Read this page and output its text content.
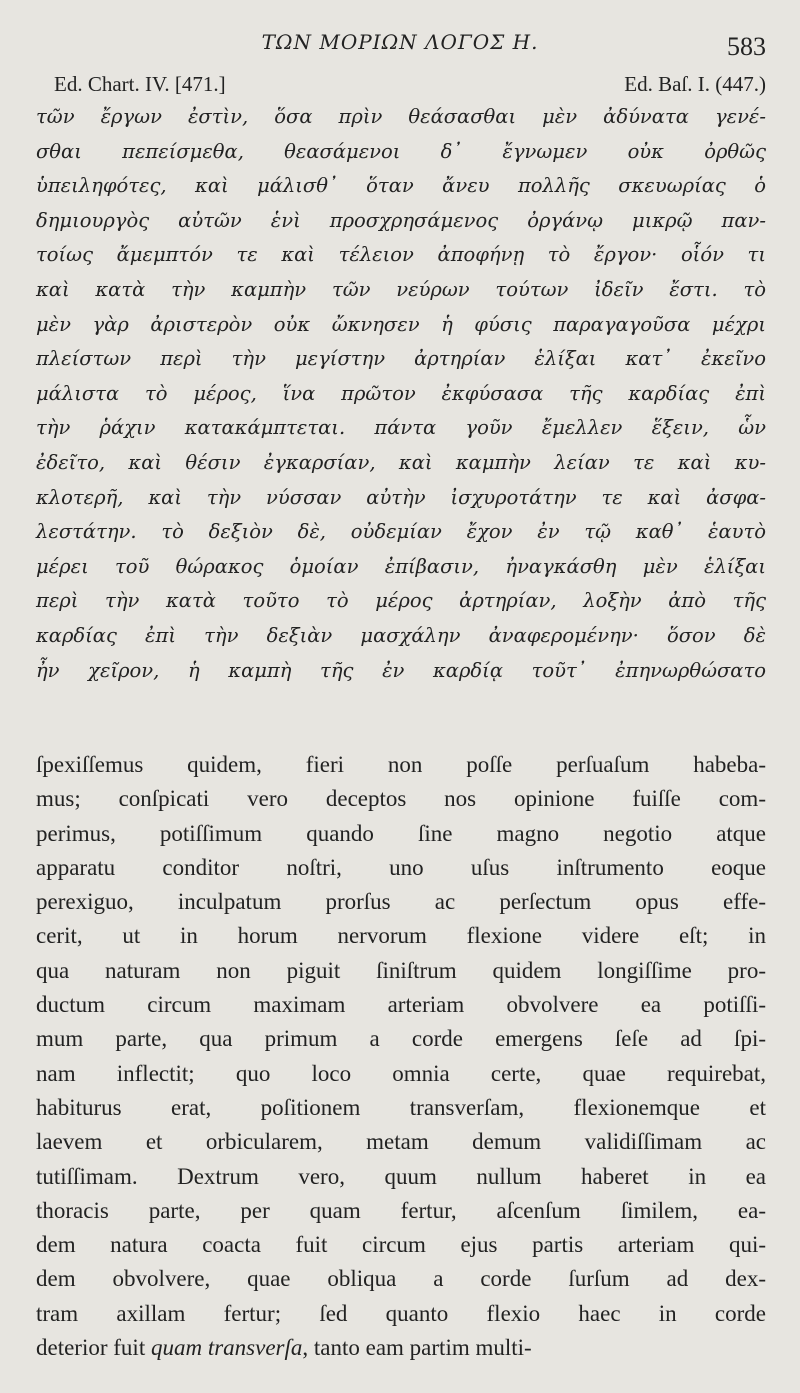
ΤΩΝ ΜΟΡΙΩΝ ΛΟΓΟΣ Η.	583
Ed. Chart. IV. [471.]	Ed. Baſ. I. (447.)
τῶν ἔργων ἐστὶν, ὅσα πρὶν θεάσασθαι μὲν ἀδύνατα γενέ-
σθαι πεπείσμεθα, θεασάμενοι δ᾽ ἔγνωμεν οὐκ ὀρθῶς
ὑπειληφότες, καὶ μάλισθ᾽ ὅταν ἄνευ πολλῆς σκευωρίας ὁ
δημιουργὸς αὐτῶν ἑνὶ προσχρησάμενος ὀργάνῳ μικρῷ παν-
τοίως ἄμεμπτόν τε καὶ τέλειον ἀποφήνῃ τὸ ἔργον· οἷόν τι
καὶ κατὰ τὴν καμπὴν τῶν νεύρων τούτων ἰδεῖν ἔστι. τὸ
μὲν γὰρ ἀριστερὸν οὐκ ὤκνησεν ἡ φύσις παραγαγοῦσα μέχρι
πλείστων περὶ τὴν μεγίστην ἀρτηρίαν ἑλίξαι κατ᾽ ἐκεῖνο
μάλιστα τὸ μέρος, ἵνα πρῶτον ἐκφύσασα τῆς καρδίας ἐπὶ
τὴν ῥάχιν κατακάμπτεται. πάντα γοῦν ἔμελλεν ἕξειν, ὧν
ἐδεῖτο, καὶ θέσιν ἐγκαρσίαν, καὶ καμπὴν λείαν τε καὶ κυ-
κλοτερῆ, καὶ τὴν νύσσαν αὐτὴν ἰσχυροτάτην τε καὶ ἀσφα-
λεστάτην. τὸ δεξιὸν δὲ, οὐδεμίαν ἔχον ἐν τῷ καθ᾽ ἑαυτὸ
μέρει τοῦ θώρακος ὁμοίαν ἐπίβασιν, ἠναγκάσθη μὲν ἑλίξαι
περὶ τὴν κατὰ τοῦτο τὸ μέρος ἀρτηρίαν, λοξὴν ἀπὸ τῆς
καρδίας ἐπὶ τὴν δεξιὰν μασχάλην ἀναφερομένην· ὅσον δὲ
ἦν χεῖρον, ἡ καμπὴ τῆς ἐν καρδίᾳ τοῦτ᾽ ἐπηνωρθώσατο
ſpexiſſemus quidem, fieri non poſſe perſuaſum habeba-
mus; conſpicati vero deceptos nos opinione fuiſſe com-
perimus, potiſſimum quando ſine magno negotio atque
apparatu conditor noſtri, uno uſus inſtrumento eoque
perexiguo, inculpatum prorſus ac perſectum opus effe-
cerit, ut in horum nervorum flexione videre eſt; in
qua naturam non piguit ſiniſtrum quidem longiſſime pro-
ductum circum maximam arteriam obvolvere ea potiſſi-
mum parte, qua primum a corde emergens ſeſe ad ſpi-
nam inflectit; quo loco omnia certe, quae requirebat,
habiturus erat, poſitionem transverſam, flexionemque et
laevem et orbicularem, metam demum validiſſimam ac
tutiſſimam. Dextrum vero, quum nullum haberet in ea
thoracis parte, per quam fertur, aſcenſum ſimilem, ea-
dem natura coacta fuit circum ejus partis arteriam qui-
dem obvolvere, quae obliqua a corde ſurſum ad dex-
tram axillam fertur; ſed quanto flexio haec in corde
deterior fuit quam transverſa, tanto eam partim multi-
